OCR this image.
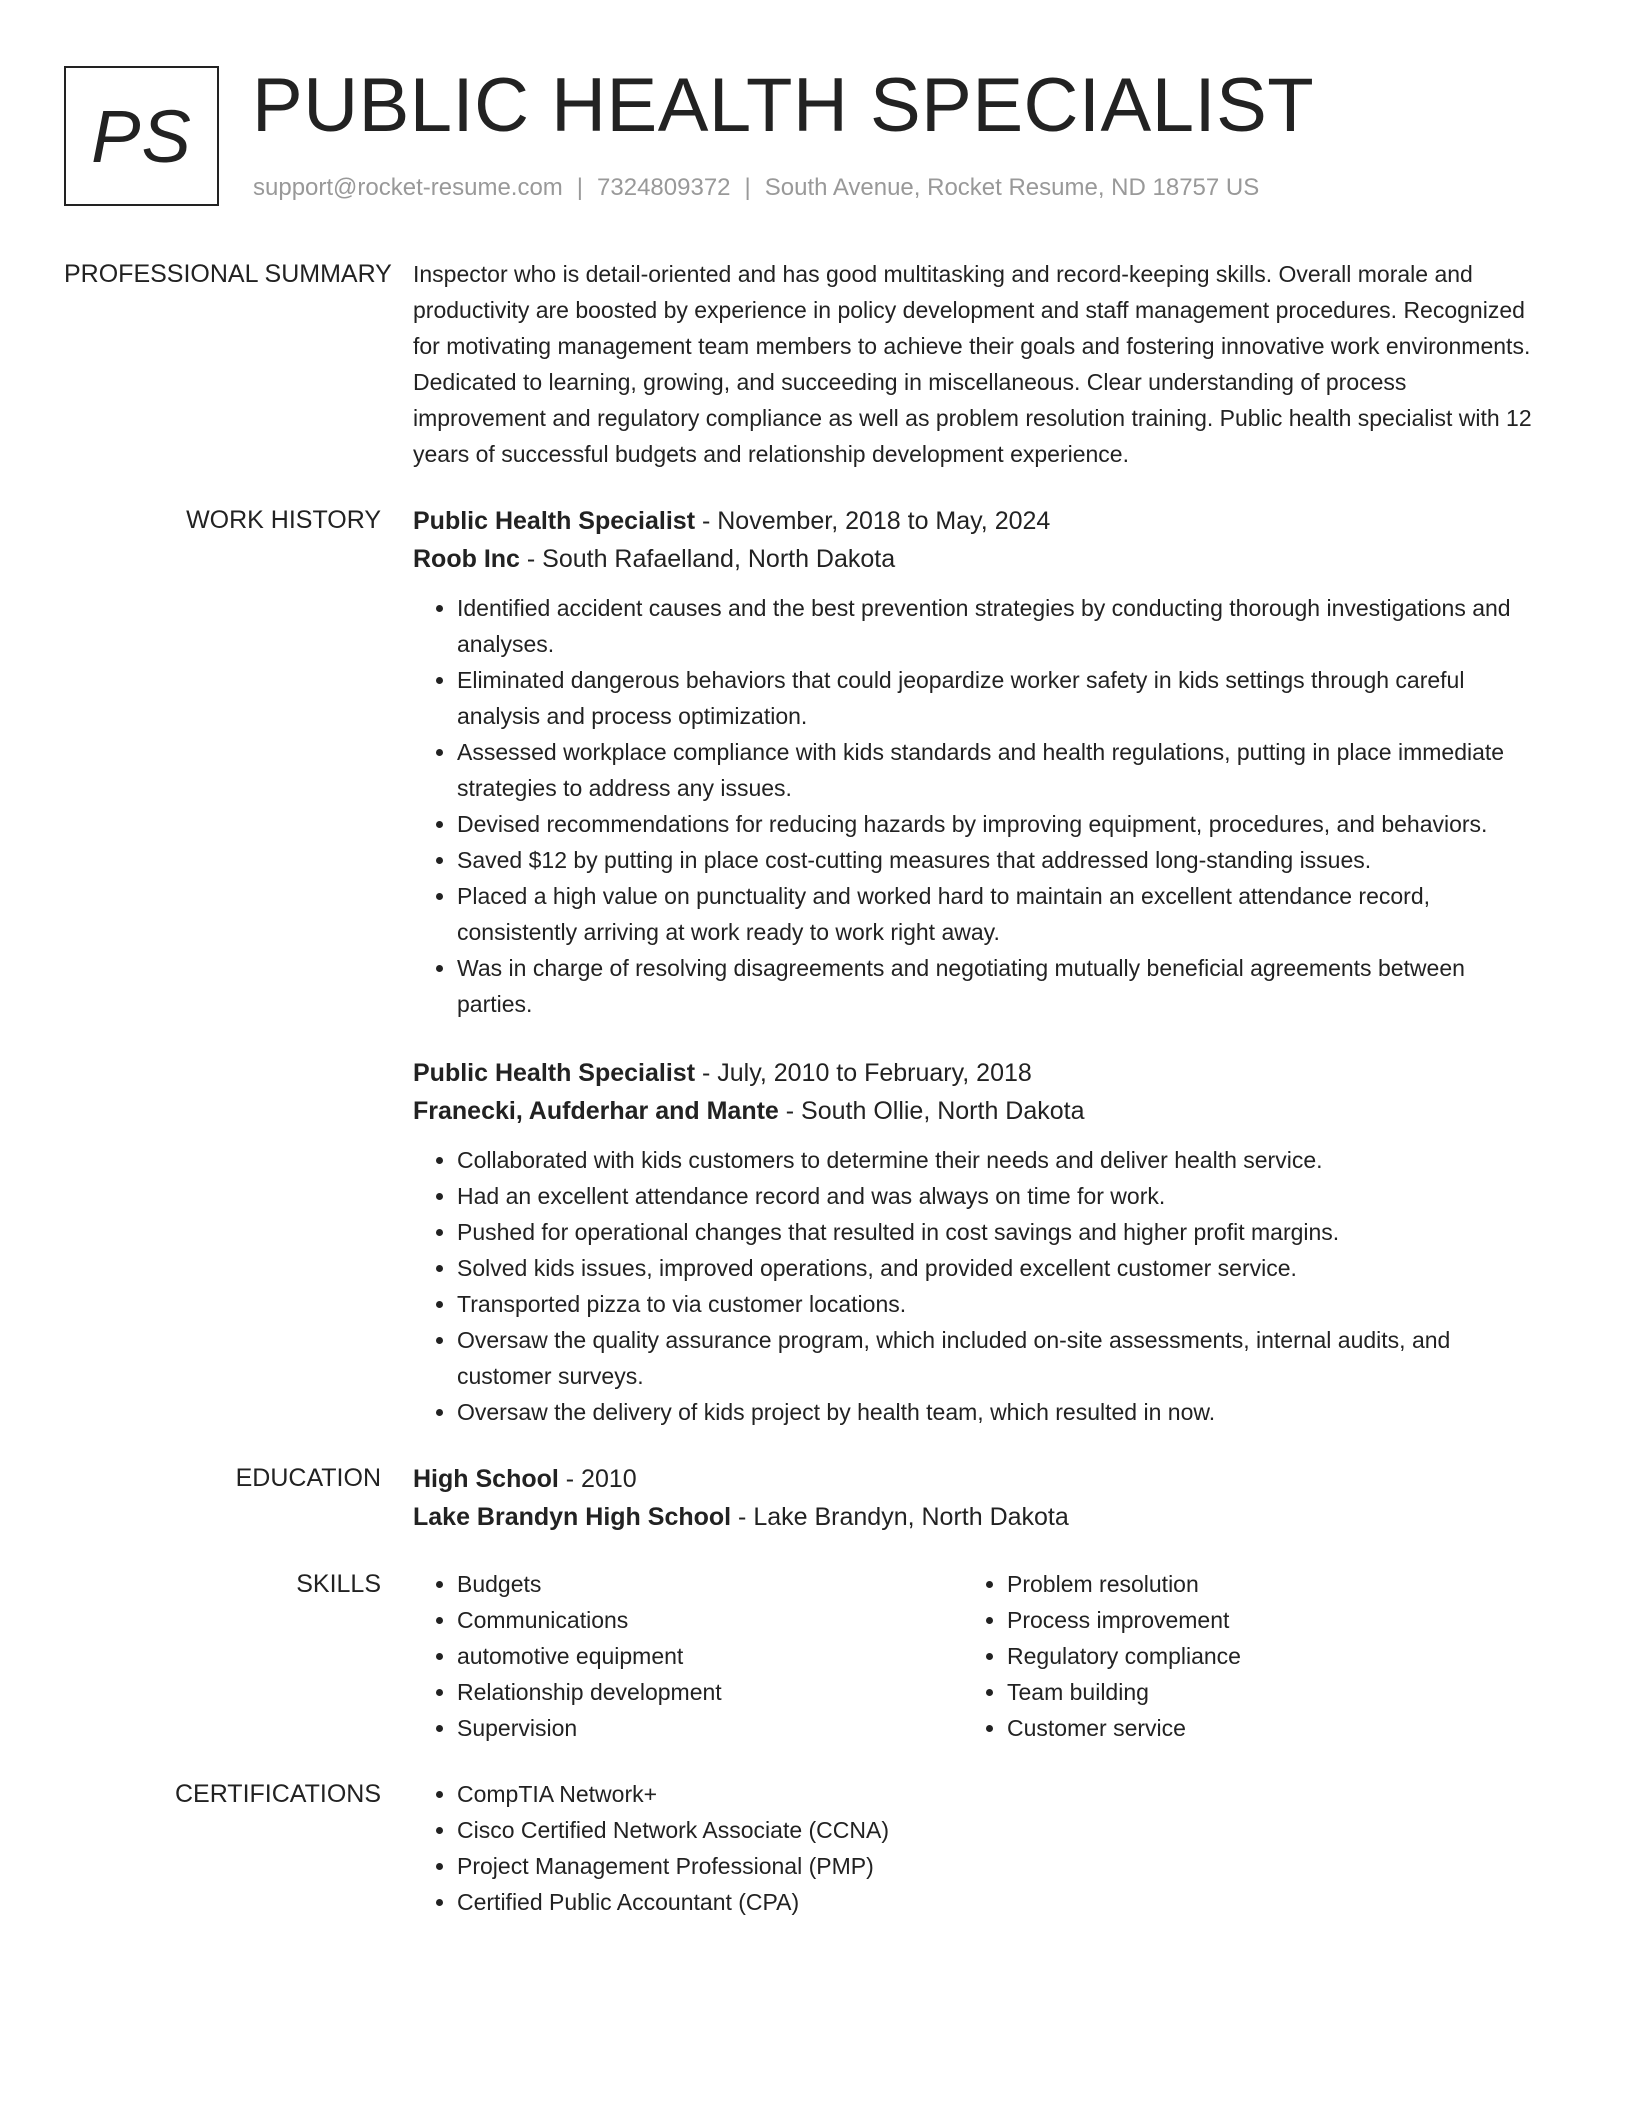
PS PUBLIC HEALTH SPECIALIST
support@rocket-resume.com | 7324809372 | South Avenue, Rocket Resume, ND 18757 US
PROFESSIONAL SUMMARY Inspector who is detail-oriented and has good multitasking and record-keeping skills. Overall morale and productivity are boosted by experience in policy development and staff management procedures. Recognized for motivating management team members to achieve their goals and fostering innovative work environments. Dedicated to learning, growing, and succeeding in miscellaneous. Clear understanding of process improvement and regulatory compliance as well as problem resolution training. Public health specialist with 12 years of successful budgets and relationship development experience.

WORK HISTORY	Public Health Specialist - November, 2018 to May, 2024
Roob Inc - South Rafaelland, North Dakota
• Identified accident causes and the best prevention strategies by conducting thorough investigations and analyses.
• Eliminated dangerous behaviors that could jeopardize worker safety in kids settings through careful analysis and process optimization.
• Assessed workplace compliance with kids standards and health regulations, putting in place immediate strategies to address any issues.
• Devised recommendations for reducing hazards by improving equipment, procedures, and behaviors.
• Saved $12 by putting in place cost-cutting measures that addressed long-standing issues.
• Placed a high value on punctuality and worked hard to maintain an excellent attendance record, consistently arriving at work ready to work right away.
• Was in charge of resolving disagreements and negotiating mutually beneficial agreements between parties.
Public Health Specialist - July, 2010 to February, 2018
Franecki, Aufderhar and Mante - South Ollie, North Dakota
• Collaborated with kids customers to determine their needs and deliver health service.
• Had an excellent attendance record and was always on time for work.
• Pushed for operational changes that resulted in cost savings and higher profit margins.
• Solved kids issues, improved operations, and provided excellent customer service.
• Transported pizza to via customer locations.
• Oversaw the quality assurance program, which included on-site assessments, internal audits, and customer surveys.
• Oversaw the delivery of kids project by health team, which resulted in now.
EDUCATION	High School - 2010
Lake Brandyn High School - Lake Brandyn, North Dakota
SKILLS	• Budgets
• Communications
• automotive equipment
• Relationship development
• Supervision
• Problem resolution
• Process improvement
• Regulatory compliance
• Team building
• Customer service
CERTIFICATIONS	• CompTIA Network+
• Cisco Certified Network Associate (CCNA)
• Project Management Professional (PMP)
• Certified Public Accountant (CPA)
